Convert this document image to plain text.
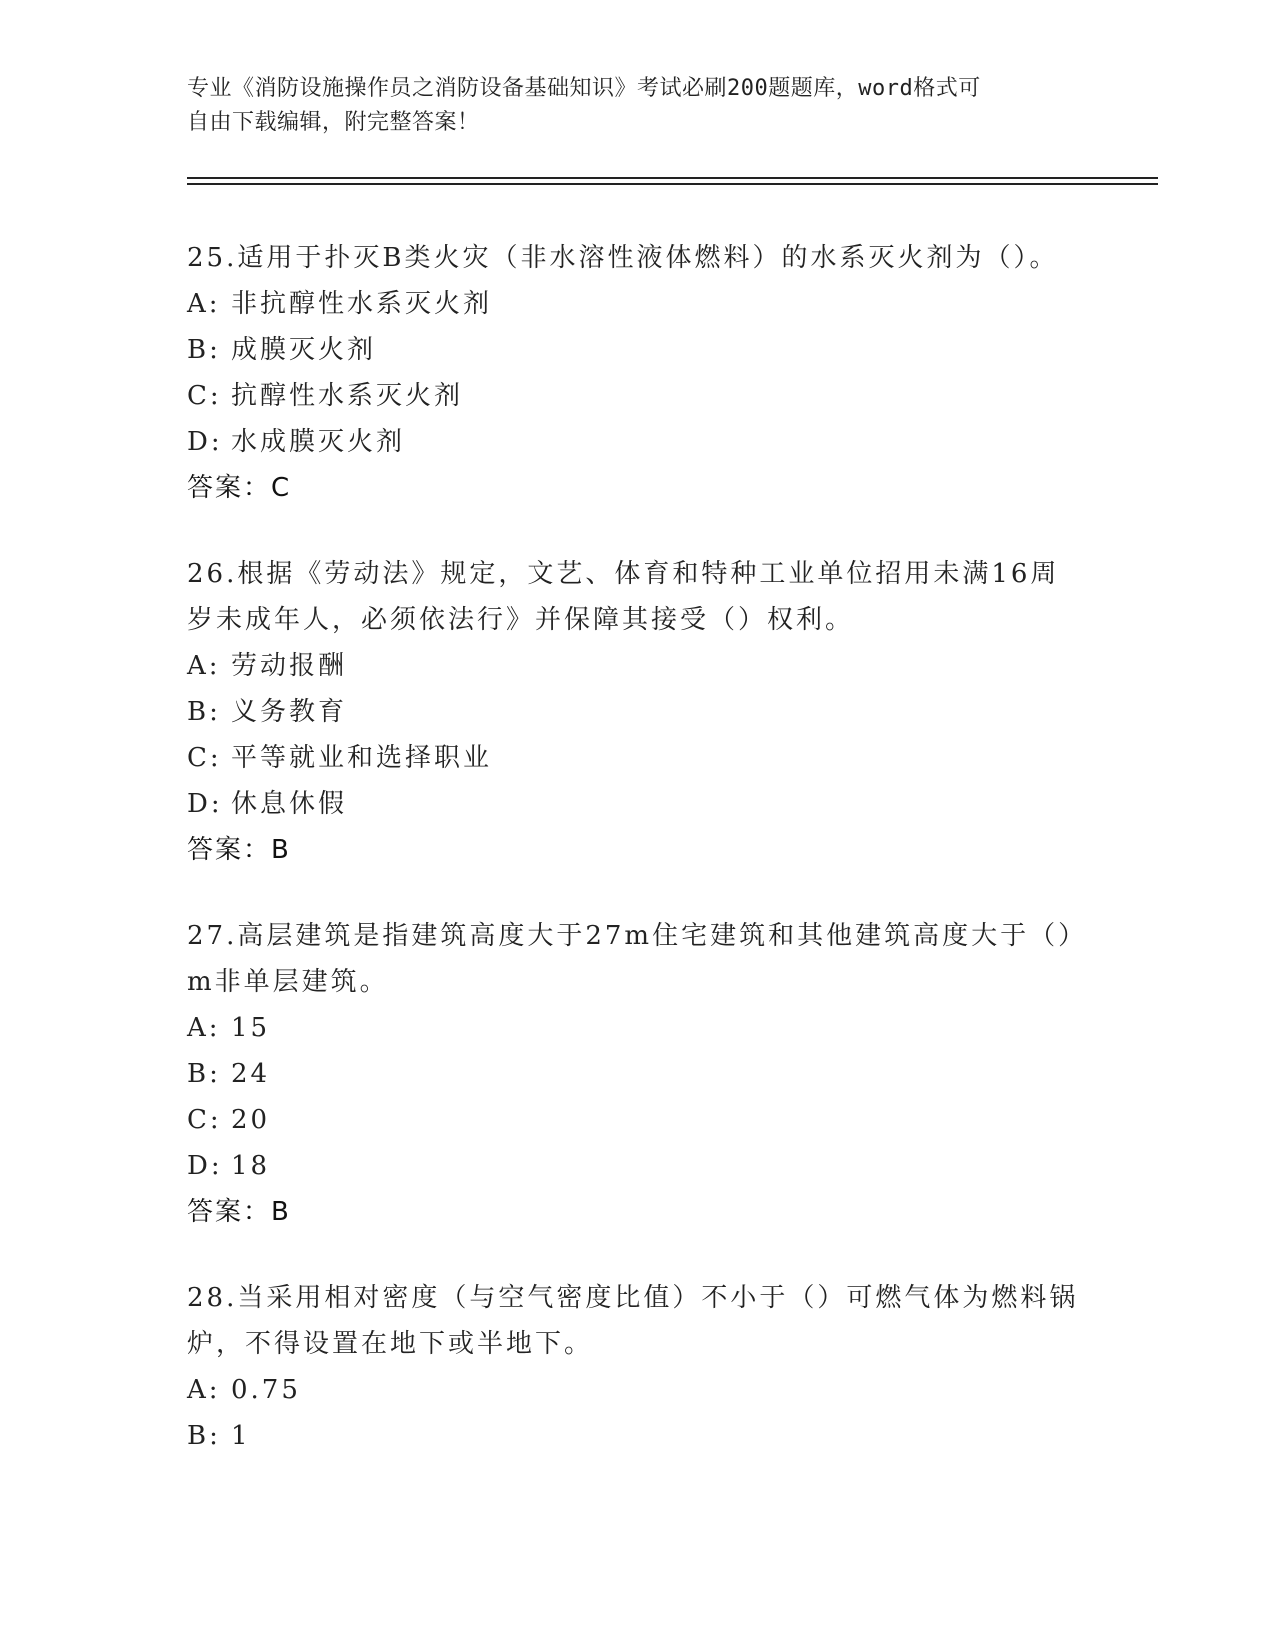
专业《消防设施操作员之消防设备基础知识》考试必刷200题题库，word格式可
自由下载编辑，附完整答案！

25.适用于扑灭B类火灾（非水溶性液体燃料）的水系灭火剂为（）。

A: 非抗醇性水系灭火剂

B: 成膜灭火剂

C: 抗醇性水系灭火剂

D: 水成膜灭火剂

答案：C

26.根据《劳动法》规定，文艺、体育和特种工业单位招用未满16周岁未成年人，必须依法行》并保障其接受（）权利。

A: 劳动报酬

B: 义务教育

C: 平等就业和选择职业

D: 休息休假

答案：B

27.高层建筑是指建筑高度大于27m住宅建筑和其他建筑高度大于（）m非单层建筑。

A: 15

B: 24

C: 20

D: 18

答案：B

28.当采用相对密度（与空气密度比值）不小于（）可燃气体为燃料锅炉，不得设置在地下或半地下。

A: 0.75

B: 1
